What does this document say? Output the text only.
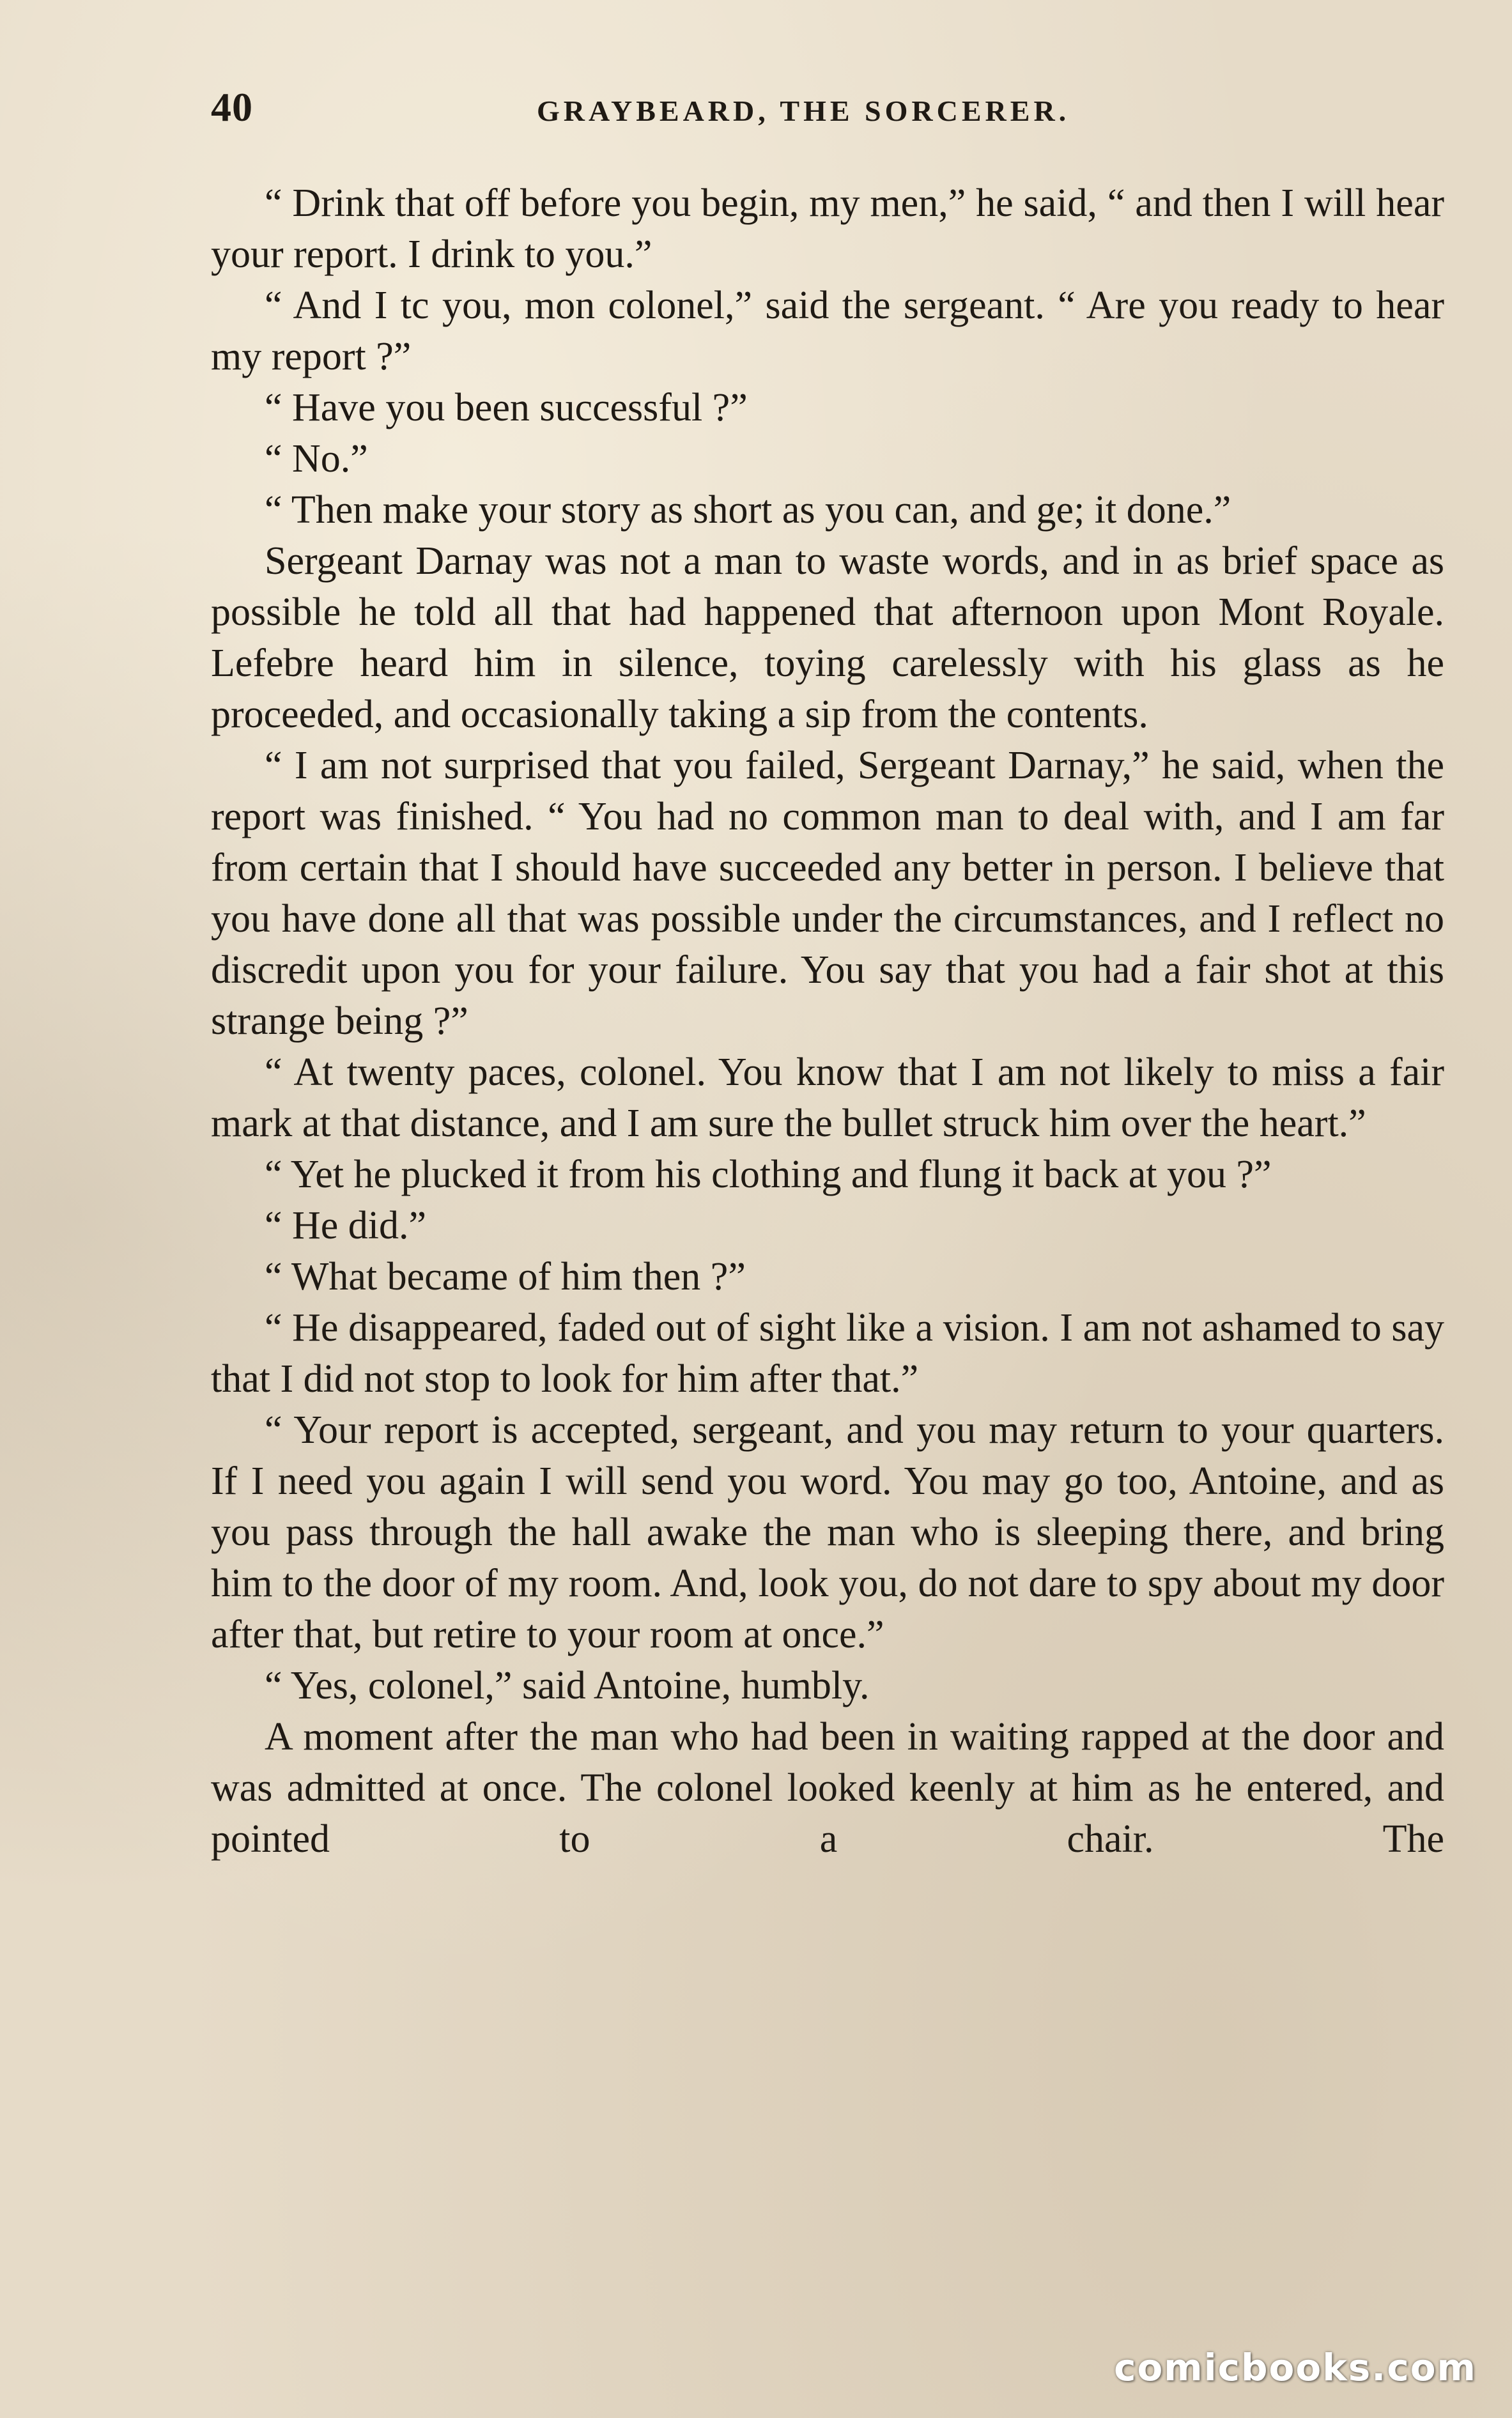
40	GRAYBEARD, THE SORCERER.

“ Drink that off before you begin, my men,” he said, “ and then I will hear your report. I drink to you.”

“ And I tc you, mon colonel,” said the sergeant. “ Are you ready to hear my report ?”

“ Have you been successful ?”

“ No.”

“ Then make your story as short as you can, and ge; it done.”

Sergeant Darnay was not a man to waste words, and in as brief space as possible he told all that had happened that afternoon upon Mont Royale. Lefebre heard him in silence, toying carelessly with his glass as he proceeded, and occasionally taking a sip from the contents.

“ I am not surprised that you failed, Sergeant Darnay,” he said, when the report was finished. “ You had no common man to deal with, and I am far from certain that I should have succeeded any better in person. I believe that you have done all that was possible under the circumstances, and I reflect no discredit upon you for your failure. You say that you had a fair shot at this strange being ?”

“ At twenty paces, colonel. You know that I am not likely to miss a fair mark at that distance, and I am sure the bullet struck him over the heart.”

“ Yet he plucked it from his clothing and flung it back at you ?”

“ He did.”

“ What became of him then ?”

“ He disappeared, faded out of sight like a vision. I am not ashamed to say that I did not stop to look for him after that.”

“ Your report is accepted, sergeant, and you may return to your quarters. If I need you again I will send you word. You may go too, Antoine, and as you pass through the hall awake the man who is sleeping there, and bring him to the door of my room. And, look you, do not dare to spy about my door after that, but retire to your room at once.”

“ Yes, colonel,” said Antoine, humbly.

A moment after the man who had been in waiting rapped at the door and was admitted at once. The colonel looked keenly at him as he entered, and pointed to a chair. The

comicbooks.com
